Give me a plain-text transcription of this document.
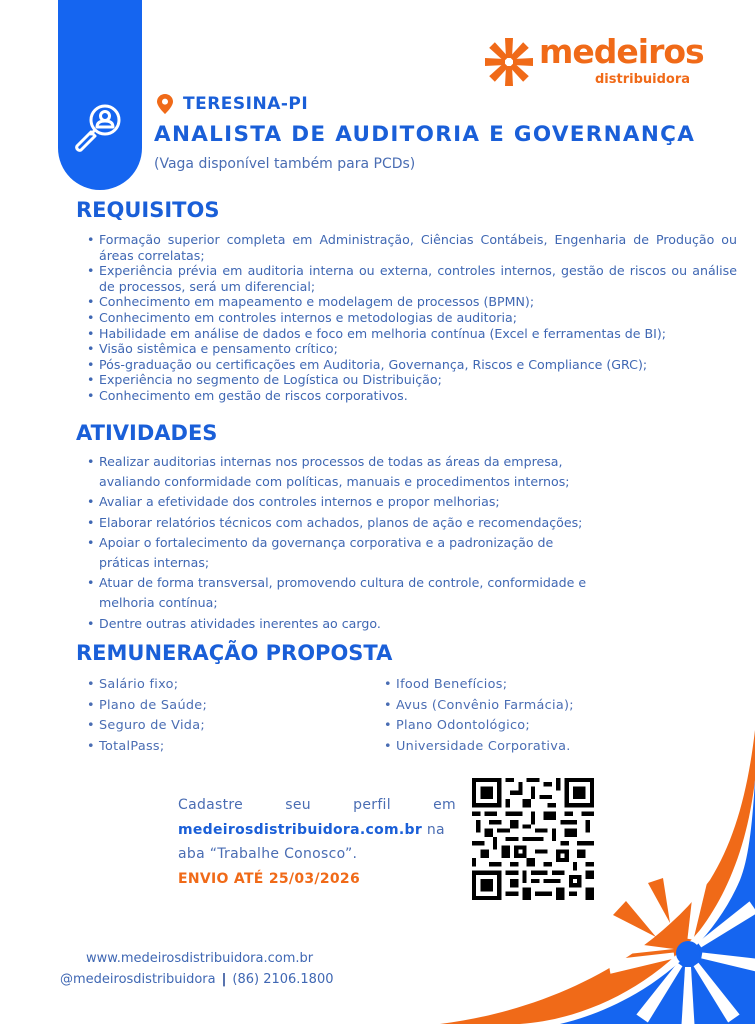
medeiros
distribuidora
TERESINA-PI
ANALISTA DE AUDITORIA E GOVERNANÇA
(Vaga disponível também para PCDs)
REQUISITOS
• Formação superior completa em Administração, Ciências Contábeis, Engenharia de Produção ou áreas correlatas;
• Experiência prévia em auditoria interna ou externa, controles internos, gestão de riscos ou análise de processos, será um diferencial;
• Conhecimento em mapeamento e modelagem de processos (BPMN);
• Conhecimento em controles internos e metodologias de auditoria;
• Habilidade em análise de dados e foco em melhoria contínua (Excel e ferramentas de BI);
• Visão sistêmica e pensamento crítico;
• Pós-graduação ou certificações em Auditoria, Governança, Riscos e Compliance (GRC);
• Experiência no segmento de Logística ou Distribuição;
• Conhecimento em gestão de riscos corporativos.
ATIVIDADES
• Realizar auditorias internas nos processos de todas as áreas da empresa,
avaliando conformidade com políticas, manuais e procedimentos internos;
• Avaliar a efetividade dos controles internos e propor melhorias;
• Elaborar relatórios técnicos com achados, planos de ação e recomendações;
• Apoiar o fortalecimento da governança corporativa e a padronização de
práticas internas;
• Atuar de forma transversal, promovendo cultura de controle, conformidade e
melhoria contínua;
• Dentre outras atividades inerentes ao cargo.
REMUNERAÇÃO PROPOSTA
• Salário fixo;
• Plano de Saúde;
• Seguro de Vida;
• TotalPass;
• Ifood Benefícios;
• Avus (Convênio Farmácia);
• Plano Odontológico;
• Universidade Corporativa.
Cadastre	seu	perfil	em
medeirosdistribuidora.com.br na
aba “Trabalhe Conosco”.
ENVIO ATÉ 25/03/2026
www.medeirosdistribuidora.com.br
@medeirosdistribuidora | (86) 2106.1800
